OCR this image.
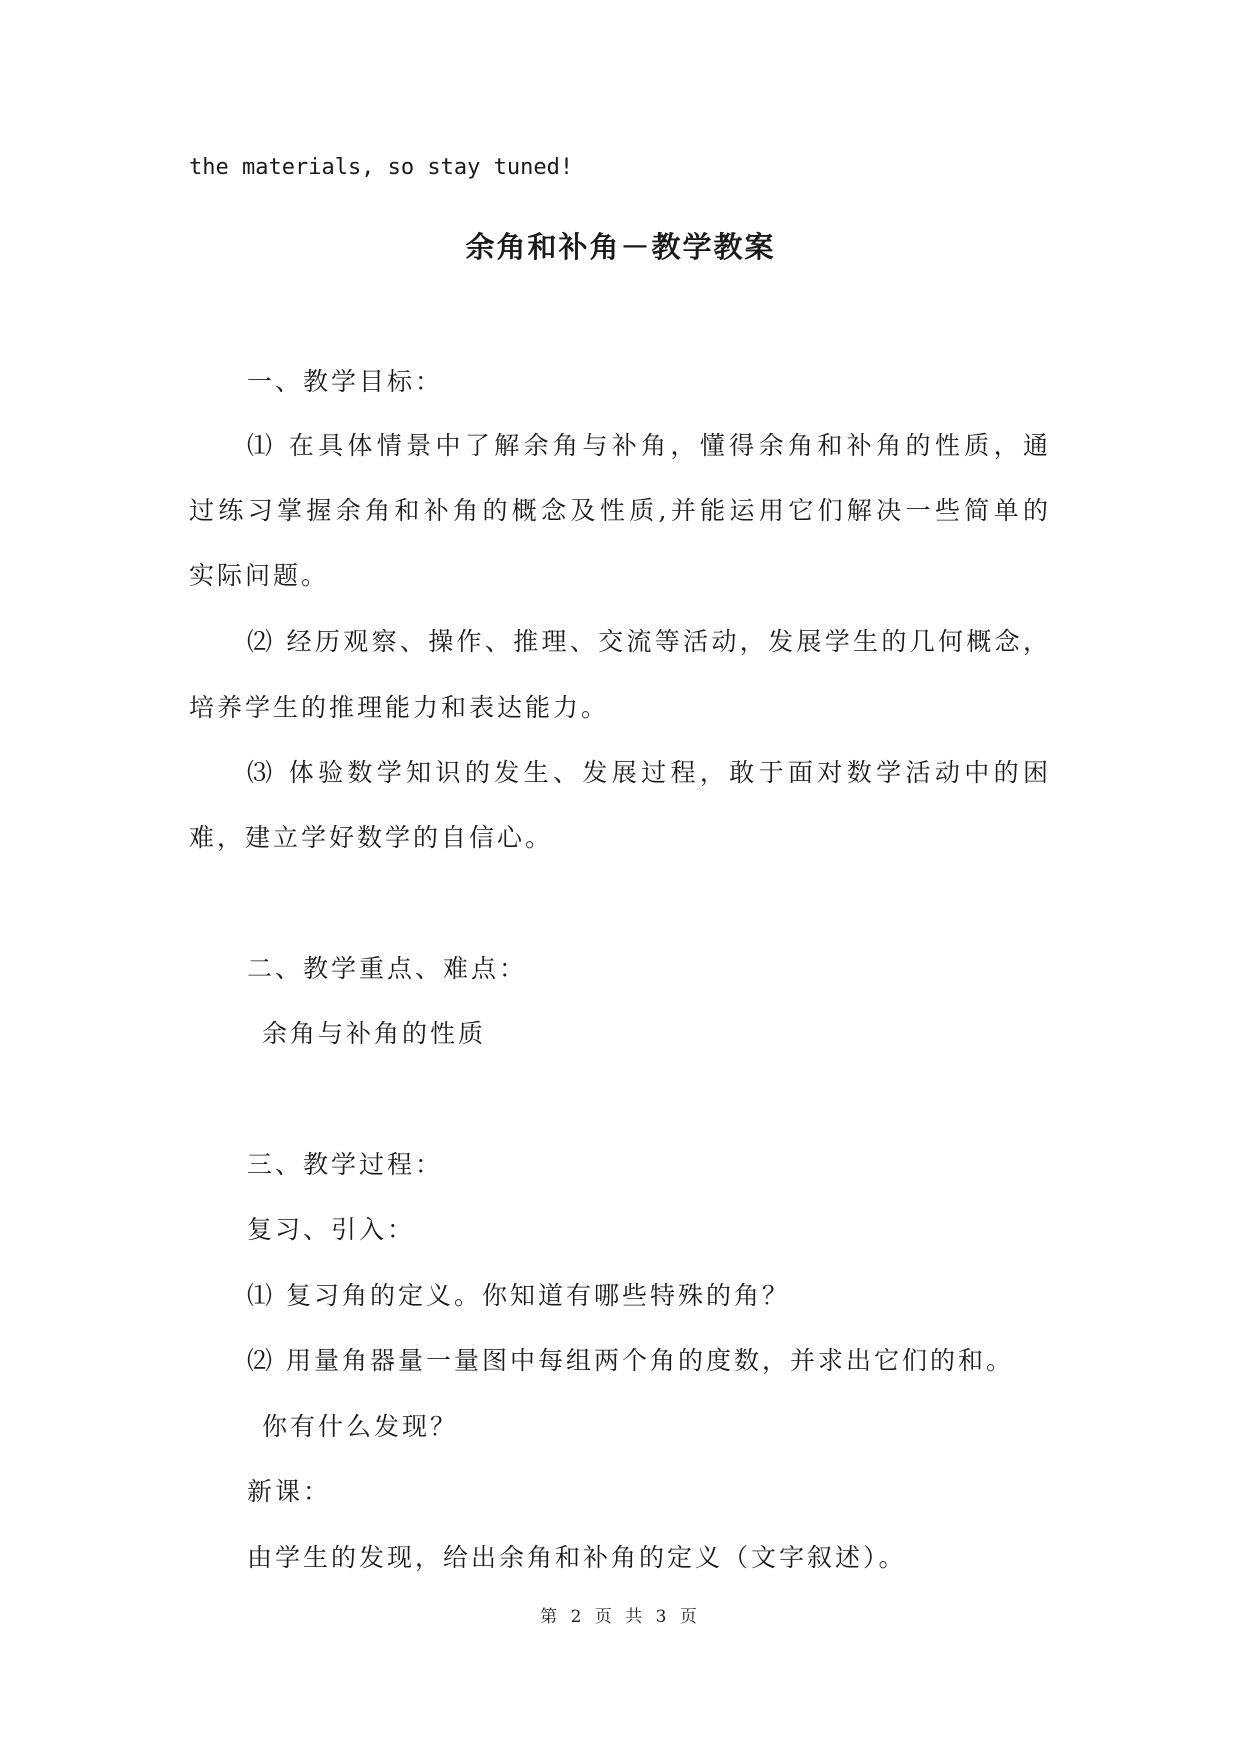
the materials, so stay tuned!
余角和补角－教学教案
一、教学目标：
⑴ 在具体情景中了解余角与补角，懂得余角和补角的性质，通
过练习掌握余角和补角的概念及性质,并能运用它们解决一些简单的
实际问题。
⑵ 经历观察、操作、推理、交流等活动，发展学生的几何概念，
培养学生的推理能力和表达能力。
⑶ 体验数学知识的发生、发展过程，敢于面对数学活动中的困
难，建立学好数学的自信心。
二、教学重点、难点：
余角与补角的性质
三、教学过程：
复习、引入：
⑴ 复习角的定义。你知道有哪些特殊的角？
⑵ 用量角器量一量图中每组两个角的度数，并求出它们的和。
你有什么发现？
新课：
由学生的发现，给出余角和补角的定义（文字叙述）。
第 2 页 共 3 页
